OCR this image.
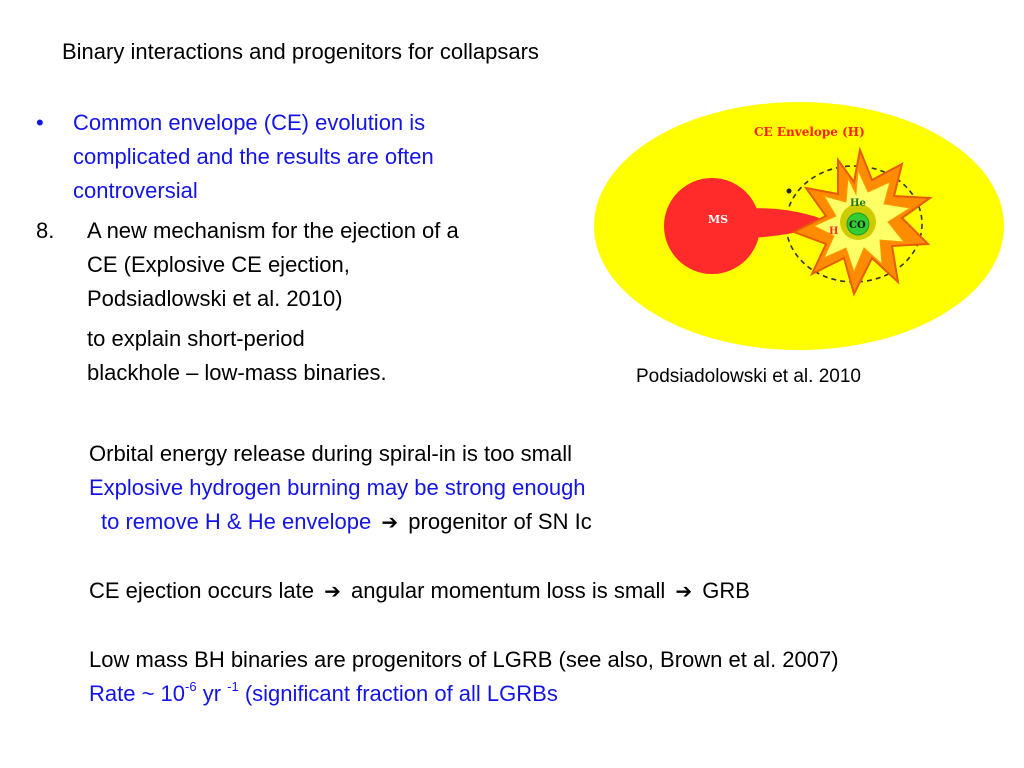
Binary interactions and progenitors for collapsars
• Common envelope (CE) evolution is
complicated and the results are often
controversial
8. A new mechanism for the ejection of a
CE (Explosive CE ejection,
Podsiadlowski et al. 2010)
to explain short-period
blackhole – low-mass binaries.
CE Envelope (H)
MS
He
CO
H
Podsiadolowski et al. 2010
Orbital energy release during spiral-in is too small
Explosive hydrogen burning may be strong enough
to remove H & He envelope ➔ progenitor of SN Ic
CE ejection occurs late ➔ angular momentum loss is small ➔ GRB
Low mass BH binaries are progenitors of LGRB (see also, Brown et al. 2007)
Rate ~ $10^{-6}$ yr $^{-1}$ (significant fraction of all LGRBs
